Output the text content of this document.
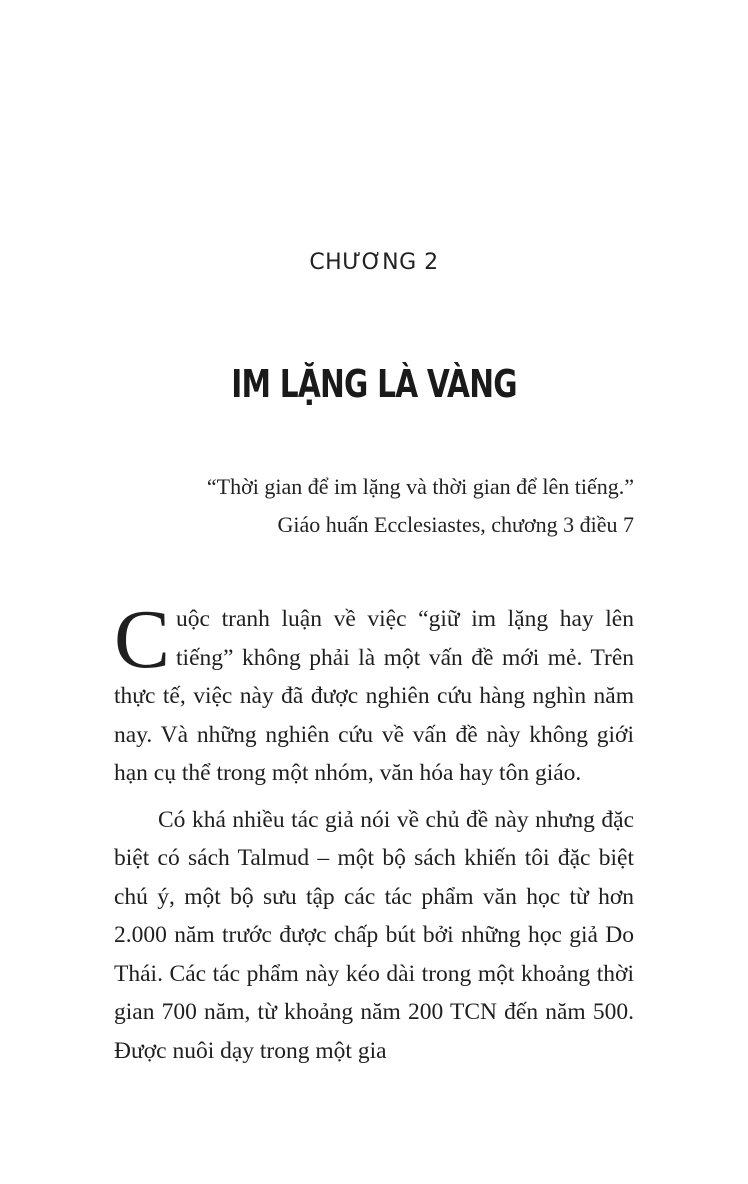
CHƯƠNG 2
IM LẶNG LÀ VÀNG

“Thời gian để im lặng và thời gian để lên tiếng.”

Giáo huấn Ecclesiastes, chương 3 điều 7

Cuộc tranh luận về việc “giữ im lặng hay lên tiếng” không phải là một vấn đề mới mẻ. Trên thực tế, việc này đã được nghiên cứu hàng nghìn năm nay. Và những nghiên cứu về vấn đề này không giới hạn cụ thể trong một nhóm, văn hóa hay tôn giáo.

Có khá nhiều tác giả nói về chủ đề này nhưng đặc biệt có sách Talmud – một bộ sách khiến tôi đặc biệt chú ý, một bộ sưu tập các tác phẩm văn học từ hơn 2.000 năm trước được chấp bút bởi những học giả Do Thái. Các tác phẩm này kéo dài trong một khoảng thời gian 700 năm, từ khoảng năm 200 TCN đến năm 500. Được nuôi dạy trong một gia
